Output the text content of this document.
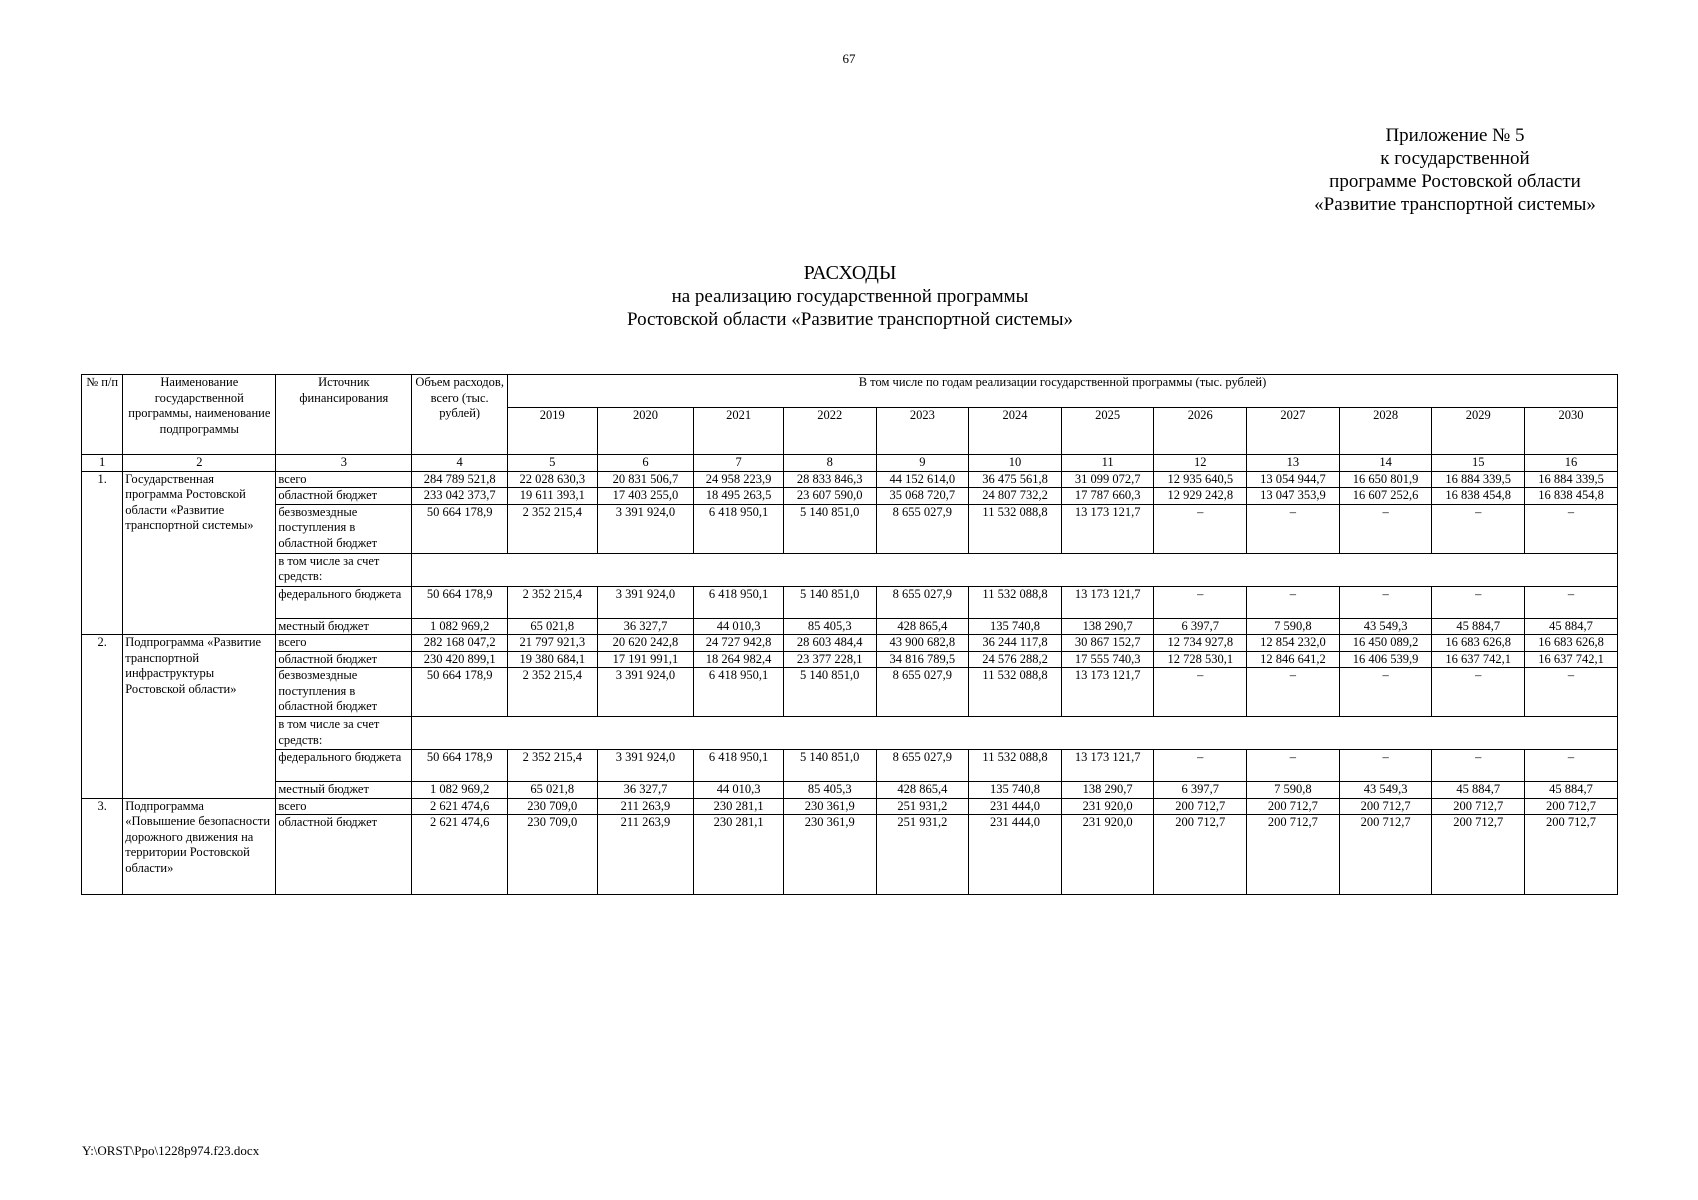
67
Приложение № 5
к государственной
программе Ростовской области
«Развитие транспортной системы»
РАСХОДЫ
на реализацию государственной программы
Ростовской области «Развитие транспортной системы»
№ п/п	Наименование государственной программы, наименование подпрограммы	Источник финансирования	Объем расходов, всего (тыс. рублей)	В том числе по годам реализации государственной программы (тыс. рублей)											
				2019	2020	2021	2022	2023	2024	2025	2026	2027	2028	2029	2030
1	2	3	4	5	6	7	8	9	10	11	12	13	14	15	16
1.	Государственная программа Ростовской области «Развитие транспортной системы»	всего	284 789 521,8	22 028 630,3	20 831 506,7	24 958 223,9	28 833 846,3	44 152 614,0	36 475 561,8	31 099 072,7	12 935 640,5	13 054 944,7	16 650 801,9	16 884 339,5	16 884 339,5
		областной бюджет	233 042 373,7	19 611 393,1	17 403 255,0	18 495 263,5	23 607 590,0	35 068 720,7	24 807 732,2	17 787 660,3	12 929 242,8	13 047 353,9	16 607 252,6	16 838 454,8	16 838 454,8
		безвозмездные поступления в областной бюджет	50 664 178,9	2 352 215,4	3 391 924,0	6 418 950,1	5 140 851,0	8 655 027,9	11 532 088,8	13 173 121,7	–	–	–	–	–
		в том числе за счет средств:													
		федерального бюджета	50 664 178,9	2 352 215,4	3 391 924,0	6 418 950,1	5 140 851,0	8 655 027,9	11 532 088,8	13 173 121,7	–	–	–	–	–
		местный бюджет	1 082 969,2	65 021,8	36 327,7	44 010,3	85 405,3	428 865,4	135 740,8	138 290,7	6 397,7	7 590,8	43 549,3	45 884,7	45 884,7
2.	Подпрограмма «Развитие транспортной инфраструктуры Ростовской области»	всего	282 168 047,2	21 797 921,3	20 620 242,8	24 727 942,8	28 603 484,4	43 900 682,8	36 244 117,8	30 867 152,7	12 734 927,8	12 854 232,0	16 450 089,2	16 683 626,8	16 683 626,8
		областной бюджет	230 420 899,1	19 380 684,1	17 191 991,1	18 264 982,4	23 377 228,1	34 816 789,5	24 576 288,2	17 555 740,3	12 728 530,1	12 846 641,2	16 406 539,9	16 637 742,1	16 637 742,1
		безвозмездные поступления в областной бюджет	50 664 178,9	2 352 215,4	3 391 924,0	6 418 950,1	5 140 851,0	8 655 027,9	11 532 088,8	13 173 121,7	–	–	–	–	–
		в том числе за счет средств:													
		федерального бюджета	50 664 178,9	2 352 215,4	3 391 924,0	6 418 950,1	5 140 851,0	8 655 027,9	11 532 088,8	13 173 121,7	–	–	–	–	–
		местный бюджет	1 082 969,2	65 021,8	36 327,7	44 010,3	85 405,3	428 865,4	135 740,8	138 290,7	6 397,7	7 590,8	43 549,3	45 884,7	45 884,7
3.	Подпрограмма «Повышение безопасности дорожного движения на территории Ростовской области»	всего	2 621 474,6	230 709,0	211 263,9	230 281,1	230 361,9	251 931,2	231 444,0	231 920,0	200 712,7	200 712,7	200 712,7	200 712,7	200 712,7
		областной бюджет	2 621 474,6	230 709,0	211 263,9	230 281,1	230 361,9	251 931,2	231 444,0	231 920,0	200 712,7	200 712,7	200 712,7	200 712,7	200 712,7
Y:\ORST\Ppo\1228p974.f23.docx
